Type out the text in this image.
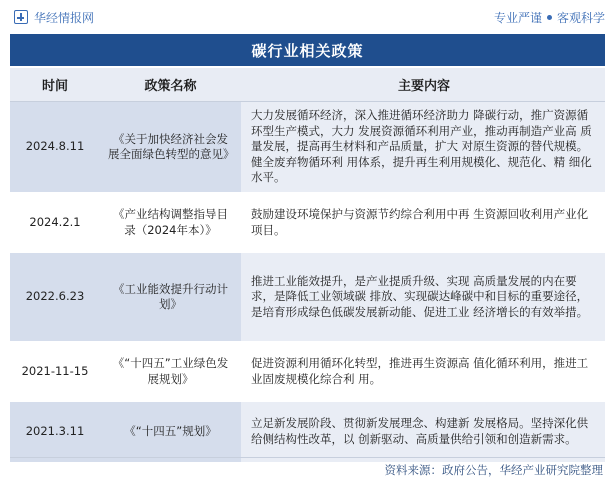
华经情报网	专业严谨 客观科学
碳行业相关政策
时间	政策名称	主要内容
2024.8.11	《关于加快经济社会发展全面绿色转型的意见》	大力发展循环经济，深入推进循环经济助力 降碳行动，推广资源循环型生产模式，大力 发展资源循环利用产业，推动再制造产业高 质量发展，提高再生材料和产品质量，扩大 对原生资源的替代规模。健全废弃物循环利 用体系，提升再生利用规模化、规范化、精 细化水平。
2024.2.1	《产业结构调整指导目录（2024年本）》	鼓励建设环境保护与资源节约综合利用中再 生资源回收利用产业化项目。
2022.6.23	《工业能效提升行动计划》	推进工业能效提升，是产业提质升级、实现 高质量发展的内在要求，是降低工业领域碳 排放、实现碳达峰碳中和目标的重要途径， 是培育形成绿色低碳发展新动能、促进工业 经济增长的有效举措。
2021-11-15	《“十四五”工业绿色发展规划》	促进资源利用循环化转型，推进再生资源高 值化循环利用，推进工业固废规模化综合利 用。
2021.3.11	《“十四五”规划》	立足新发展阶段、贯彻新发展理念、构建新 发展格局。坚持深化供给侧结构性改革，以 创新驱动、高质量供给引领和创造新需求。
资料来源：政府公告，华经产业研究院整理
